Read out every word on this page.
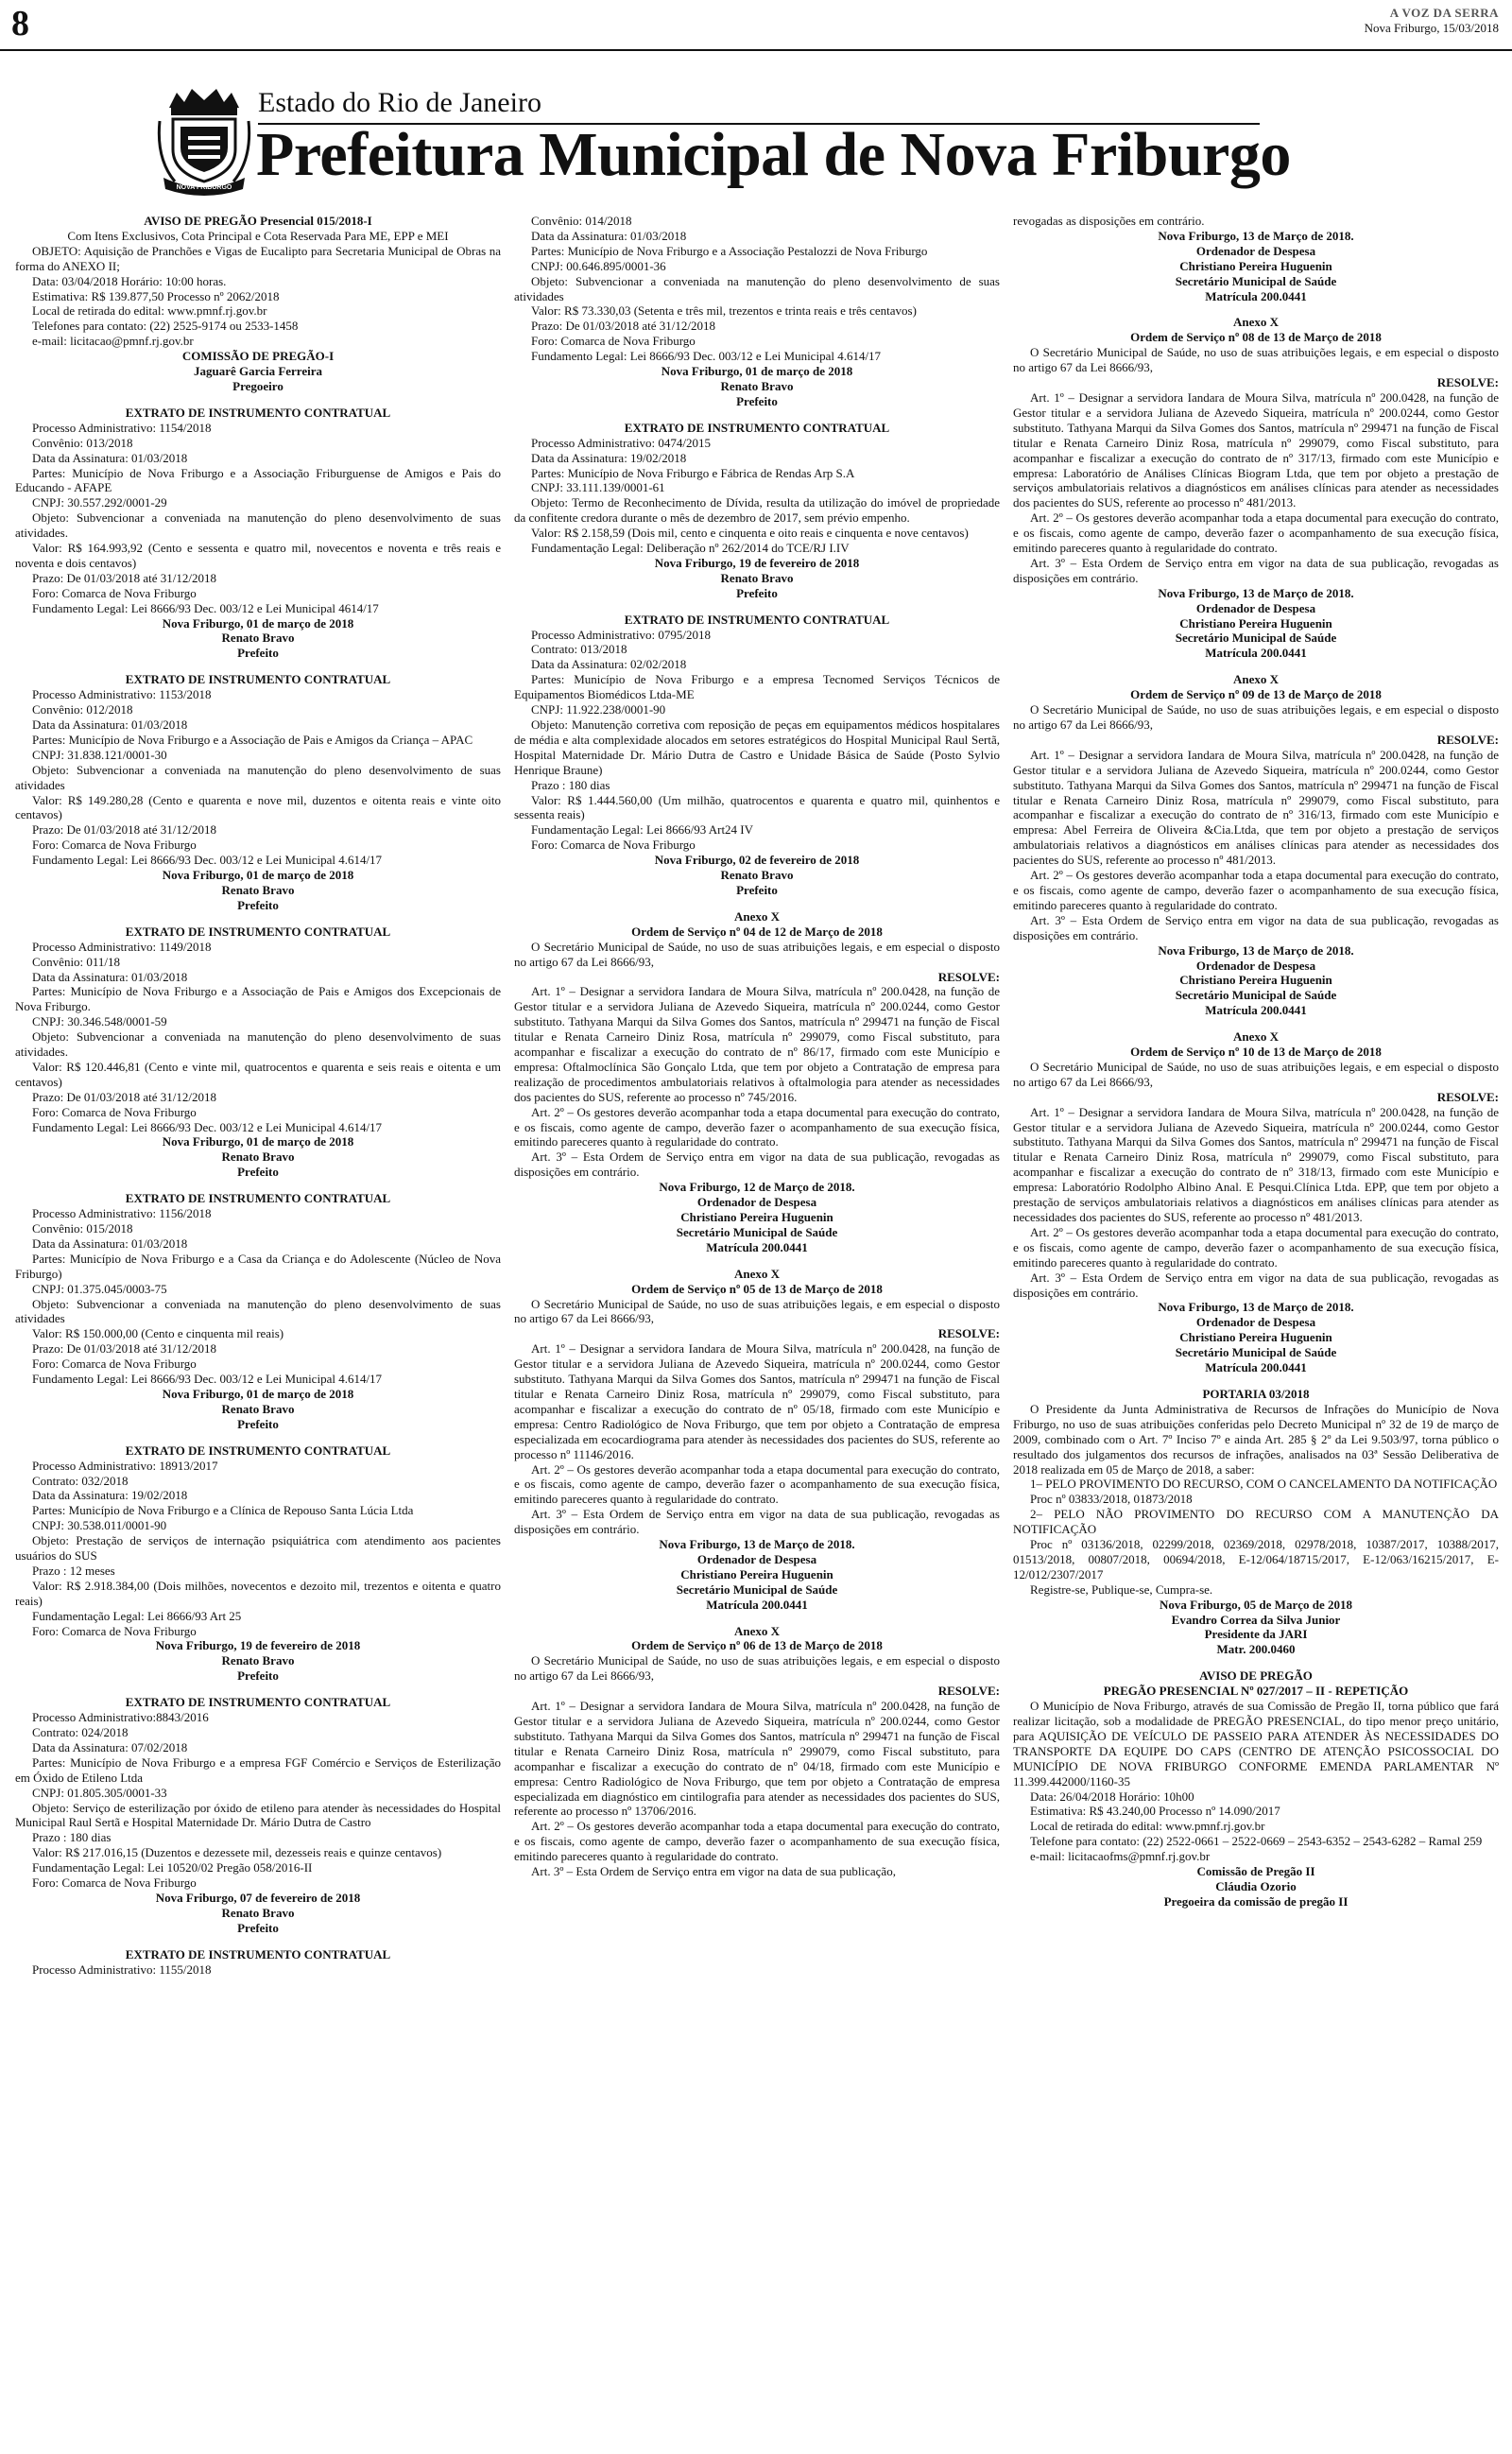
8	A VOZ DA SERRA
Nova Friburgo, 15/03/2018
NOVA FRIBURGO
Estado do Rio de Janeiro
Prefeitura Municipal de Nova Friburgo

AVISO DE PREGÃO Presencial 015/2018-I

Com Itens Exclusivos, Cota Principal e Cota Reservada Para ME, EPP e MEI

OBJETO: Aquisição de Pranchões e Vigas de Eucalipto para Secretaria Municipal de Obras na forma do ANEXO II;

Data: 03/04/2018 Horário: 10:00 horas.

Estimativa: R$ 139.877,50 Processo nº 2062/2018

Local de retirada do edital: www.pmnf.rj.gov.br

Telefones para contato: (22) 2525-9174 ou 2533-1458

e-mail: licitacao@pmnf.rj.gov.br

COMISSÃO DE PREGÃO-I

Jaguarê Garcia Ferreira

Pregoeiro

EXTRATO DE INSTRUMENTO CONTRATUAL

Processo Administrativo: 1154/2018

Convênio: 013/2018

Data da Assinatura: 01/03/2018

Partes: Município de Nova Friburgo e a Associação Friburguense de Amigos e Pais do Educando - AFAPE

CNPJ: 30.557.292/0001-29

Objeto: Subvencionar a conveniada na manutenção do pleno desenvolvimento de suas atividades.

Valor: R$ 164.993,92 (Cento e sessenta e quatro mil, novecentos e noventa e três reais e noventa e dois centavos)

Prazo: De 01/03/2018 até 31/12/2018

Foro: Comarca de Nova Friburgo

Fundamento Legal: Lei 8666/93 Dec. 003/12 e Lei Municipal 4614/17

Nova Friburgo, 01 de março de 2018

Renato Bravo

Prefeito

EXTRATO DE INSTRUMENTO CONTRATUAL

Processo Administrativo: 1153/2018

Convênio: 012/2018

Data da Assinatura: 01/03/2018

Partes: Município de Nova Friburgo e a Associação de Pais e Amigos da Criança – APAC

CNPJ: 31.838.121/0001-30

Objeto: Subvencionar a conveniada na manutenção do pleno desenvolvimento de suas atividades

Valor: R$ 149.280,28 (Cento e quarenta e nove mil, duzentos e oitenta reais e vinte oito centavos)

Prazo: De 01/03/2018 até 31/12/2018

Foro: Comarca de Nova Friburgo

Fundamento Legal: Lei 8666/93 Dec. 003/12 e Lei Municipal 4.614/17

Nova Friburgo, 01 de março de 2018

Renato Bravo

Prefeito

EXTRATO DE INSTRUMENTO CONTRATUAL

Processo Administrativo: 1149/2018

Convênio: 011/18

Data da Assinatura: 01/03/2018

Partes: Município de Nova Friburgo e a Associação de Pais e Amigos dos Excepcionais de Nova Friburgo.

CNPJ: 30.346.548/0001-59

Objeto: Subvencionar a conveniada na manutenção do pleno desenvolvimento de suas atividades.

Valor: R$ 120.446,81 (Cento e vinte mil, quatrocentos e quarenta e seis reais e oitenta e um centavos)

Prazo: De 01/03/2018 até 31/12/2018

Foro: Comarca de Nova Friburgo

Fundamento Legal: Lei 8666/93 Dec. 003/12 e Lei Municipal 4.614/17

Nova Friburgo, 01 de março de 2018

Renato Bravo

Prefeito

EXTRATO DE INSTRUMENTO CONTRATUAL

Processo Administrativo: 1156/2018

Convênio: 015/2018

Data da Assinatura: 01/03/2018

Partes: Município de Nova Friburgo e a Casa da Criança e do Adolescente (Núcleo de Nova Friburgo)

CNPJ: 01.375.045/0003-75

Objeto: Subvencionar a conveniada na manutenção do pleno desenvolvimento de suas atividades

Valor: R$ 150.000,00 (Cento e cinquenta mil reais)

Prazo: De 01/03/2018 até 31/12/2018

Foro: Comarca de Nova Friburgo

Fundamento Legal: Lei 8666/93 Dec. 003/12 e Lei Municipal 4.614/17

Nova Friburgo, 01 de março de 2018

Renato Bravo

Prefeito

EXTRATO DE INSTRUMENTO CONTRATUAL

Processo Administrativo: 18913/2017

Contrato: 032/2018

Data da Assinatura: 19/02/2018

Partes: Município de Nova Friburgo e a Clínica de Repouso Santa Lúcia Ltda

CNPJ: 30.538.011/0001-90

Objeto: Prestação de serviços de internação psiquiátrica com atendimento aos pacientes usuários do SUS

Prazo : 12 meses

Valor: R$ 2.918.384,00 (Dois milhões, novecentos e dezoito mil, trezentos e oitenta e quatro reais)

Fundamentação Legal: Lei 8666/93 Art 25

Foro: Comarca de Nova Friburgo

Nova Friburgo, 19 de fevereiro de 2018

Renato Bravo

Prefeito

EXTRATO DE INSTRUMENTO CONTRATUAL

Processo Administrativo:8843/2016

Contrato: 024/2018

Data da Assinatura: 07/02/2018

Partes: Município de Nova Friburgo e a empresa FGF Comércio e Serviços de Esterilização em Óxido de Etileno Ltda

CNPJ: 01.805.305/0001-33

Objeto: Serviço de esterilização por óxido de etileno para atender às necessidades do Hospital Municipal Raul Sertã e Hospital Maternidade Dr. Mário Dutra de Castro

Prazo : 180 dias

Valor: R$ 217.016,15 (Duzentos e dezessete mil, dezesseis reais e quinze centavos)

Fundamentação Legal: Lei 10520/02 Pregão 058/2016-II

Foro: Comarca de Nova Friburgo

Nova Friburgo, 07 de fevereiro de 2018

Renato Bravo

Prefeito

EXTRATO DE INSTRUMENTO CONTRATUAL

Processo Administrativo: 1155/2018

Convênio: 014/2018

Data da Assinatura: 01/03/2018

Partes: Município de Nova Friburgo e a Associação Pestalozzi de Nova Friburgo

CNPJ: 00.646.895/0001-36

Objeto: Subvencionar a conveniada na manutenção do pleno desenvolvimento de suas atividades

Valor: R$ 73.330,03 (Setenta e três mil, trezentos e trinta reais e três centavos)

Prazo: De 01/03/2018 até 31/12/2018

Foro: Comarca de Nova Friburgo

Fundamento Legal: Lei 8666/93 Dec. 003/12 e Lei Municipal 4.614/17

Nova Friburgo, 01 de março de 2018

Renato Bravo

Prefeito

EXTRATO DE INSTRUMENTO CONTRATUAL

Processo Administrativo: 0474/2015

Data da Assinatura: 19/02/2018

Partes: Município de Nova Friburgo e Fábrica de Rendas Arp S.A

CNPJ: 33.111.139/0001-61

Objeto: Termo de Reconhecimento de Dívida, resulta da utilização do imóvel de propriedade da confitente credora durante o mês de dezembro de 2017, sem prévio empenho.

Valor: R$ 2.158,59 (Dois mil, cento e cinquenta e oito reais e cinquenta e nove centavos)

Fundamentação Legal: Deliberação nº 262/2014 do TCE/RJ I.IV

Nova Friburgo, 19 de fevereiro de 2018

Renato Bravo

Prefeito

EXTRATO DE INSTRUMENTO CONTRATUAL

Processo Administrativo: 0795/2018

Contrato: 013/2018

Data da Assinatura: 02/02/2018

Partes: Município de Nova Friburgo e a empresa Tecnomed Serviços Técnicos de Equipamentos Biomédicos Ltda-ME

CNPJ: 11.922.238/0001-90

Objeto: Manutenção corretiva com reposição de peças em equipamentos médicos hospitalares de média e alta complexidade alocados em setores estratégicos do Hospital Municipal Raul Sertã, Hospital Maternidade Dr. Mário Dutra de Castro e Unidade Básica de Saúde (Posto Sylvio Henrique Braune)

Prazo : 180 dias

Valor: R$ 1.444.560,00 (Um milhão, quatrocentos e quarenta e quatro mil, quinhentos e sessenta reais)

Fundamentação Legal: Lei 8666/93 Art24 IV

Foro: Comarca de Nova Friburgo

Nova Friburgo, 02 de fevereiro de 2018

Renato Bravo

Prefeito

Anexo X

Ordem de Serviço nº 04 de 12 de Março de 2018

O Secretário Municipal de Saúde, no uso de suas atribuições legais, e em especial o disposto no artigo 67 da Lei 8666/93,

RESOLVE:

Art. 1º – Designar a servidora Iandara de Moura Silva, matrícula nº 200.0428, na função de Gestor titular e a servidora Juliana de Azevedo Siqueira, matrícula nº 200.0244, como Gestor substituto. Tathyana Marqui da Silva Gomes dos Santos, matrícula nº 299471 na função de Fiscal titular e Renata Carneiro Diniz Rosa, matrícula nº 299079, como Fiscal substituto, para acompanhar e fiscalizar a execução do contrato de nº 86/17, firmado com este Município e empresa: Oftalmoclínica São Gonçalo Ltda, que tem por objeto a Contratação de empresa para realização de procedimentos ambulatoriais relativos à oftalmologia para atender as necessidades dos pacientes do SUS, referente ao processo nº 745/2016.

Art. 2º – Os gestores deverão acompanhar toda a etapa documental para execução do contrato, e os fiscais, como agente de campo, deverão fazer o acompanhamento de sua execução física, emitindo pareceres quanto à regularidade do contrato.

Art. 3º – Esta Ordem de Serviço entra em vigor na data de sua publicação, revogadas as disposições em contrário.

Nova Friburgo, 12 de Março de 2018.

Ordenador de Despesa

Christiano Pereira Huguenin

Secretário Municipal de Saúde

Matrícula 200.0441

Anexo X

Ordem de Serviço nº 05 de 13 de Março de 2018

O Secretário Municipal de Saúde, no uso de suas atribuições legais, e em especial o disposto no artigo 67 da Lei 8666/93,

RESOLVE:

Art. 1º – Designar a servidora Iandara de Moura Silva, matrícula nº 200.0428, na função de Gestor titular e a servidora Juliana de Azevedo Siqueira, matrícula nº 200.0244, como Gestor substituto. Tathyana Marqui da Silva Gomes dos Santos, matrícula nº 299471 na função de Fiscal titular e Renata Carneiro Diniz Rosa, matrícula nº 299079, como Fiscal substituto, para acompanhar e fiscalizar a execução do contrato de nº 05/18, firmado com este Município e empresa: Centro Radiológico de Nova Friburgo, que tem por objeto a Contratação de empresa especializada em ecocardiograma para atender às necessidades dos pacientes do SUS, referente ao processo nº 11146/2016.

Art. 2º – Os gestores deverão acompanhar toda a etapa documental para execução do contrato, e os fiscais, como agente de campo, deverão fazer o acompanhamento de sua execução física, emitindo pareceres quanto à regularidade do contrato.

Art. 3º – Esta Ordem de Serviço entra em vigor na data de sua publicação, revogadas as disposições em contrário.

Nova Friburgo, 13 de Março de 2018.

Ordenador de Despesa

Christiano Pereira Huguenin

Secretário Municipal de Saúde

Matrícula 200.0441

Anexo X

Ordem de Serviço nº 06 de 13 de Março de 2018

O Secretário Municipal de Saúde, no uso de suas atribuições legais, e em especial o disposto no artigo 67 da Lei 8666/93,

RESOLVE:

Art. 1º – Designar a servidora Iandara de Moura Silva, matrícula nº 200.0428, na função de Gestor titular e a servidora Juliana de Azevedo Siqueira, matrícula nº 200.0244, como Gestor substituto. Tathyana Marqui da Silva Gomes dos Santos, matrícula nº 299471 na função de Fiscal titular e Renata Carneiro Diniz Rosa, matrícula nº 299079, como Fiscal substituto, para acompanhar e fiscalizar a execução do contrato de nº 04/18, firmado com este Município e empresa: Centro Radiológico de Nova Friburgo, que tem por objeto a Contratação de empresa especializada em diagnóstico em cintilografia para atender as necessidades dos pacientes do SUS, referente ao processo nº 13706/2016.

Art. 2º – Os gestores deverão acompanhar toda a etapa documental para execução do contrato, e os fiscais, como agente de campo, deverão fazer o acompanhamento de sua execução física, emitindo pareceres quanto à regularidade do contrato.

Art. 3º – Esta Ordem de Serviço entra em vigor na data de sua publicação,

revogadas as disposições em contrário.

Nova Friburgo, 13 de Março de 2018.

Ordenador de Despesa

Christiano Pereira Huguenin

Secretário Municipal de Saúde

Matrícula 200.0441

Anexo X

Ordem de Serviço nº 08 de 13 de Março de 2018

O Secretário Municipal de Saúde, no uso de suas atribuições legais, e em especial o disposto no artigo 67 da Lei 8666/93,

RESOLVE:

Art. 1º – Designar a servidora Iandara de Moura Silva, matrícula nº 200.0428, na função de Gestor titular e a servidora Juliana de Azevedo Siqueira, matrícula nº 200.0244, como Gestor substituto. Tathyana Marqui da Silva Gomes dos Santos, matrícula nº 299471 na função de Fiscal titular e Renata Carneiro Diniz Rosa, matrícula nº 299079, como Fiscal substituto, para acompanhar e fiscalizar a execução do contrato de nº 317/13, firmado com este Município e empresa: Laboratório de Análises Clínicas Biogram Ltda, que tem por objeto a prestação de serviços ambulatoriais relativos a diagnósticos em análises clínicas para atender as necessidades dos pacientes do SUS, referente ao processo nº 481/2013.

Art. 2º – Os gestores deverão acompanhar toda a etapa documental para execução do contrato, e os fiscais, como agente de campo, deverão fazer o acompanhamento de sua execução física, emitindo pareceres quanto à regularidade do contrato.

Art. 3º – Esta Ordem de Serviço entra em vigor na data de sua publicação, revogadas as disposições em contrário.

Nova Friburgo, 13 de Março de 2018.

Ordenador de Despesa

Christiano Pereira Huguenin

Secretário Municipal de Saúde

Matrícula 200.0441

Anexo X

Ordem de Serviço nº 09 de 13 de Março de 2018

O Secretário Municipal de Saúde, no uso de suas atribuições legais, e em especial o disposto no artigo 67 da Lei 8666/93,

RESOLVE:

Art. 1º – Designar a servidora Iandara de Moura Silva, matrícula nº 200.0428, na função de Gestor titular e a servidora Juliana de Azevedo Siqueira, matrícula nº 200.0244, como Gestor substituto. Tathyana Marqui da Silva Gomes dos Santos, matrícula nº 299471 na função de Fiscal titular e Renata Carneiro Diniz Rosa, matrícula nº 299079, como Fiscal substituto, para acompanhar e fiscalizar a execução do contrato de nº 316/13, firmado com este Município e empresa: Abel Ferreira de Oliveira &Cia.Ltda, que tem por objeto a prestação de serviços ambulatoriais relativos a diagnósticos em análises clínicas para atender as necessidades dos pacientes do SUS, referente ao processo nº 481/2013.

Art. 2º – Os gestores deverão acompanhar toda a etapa documental para execução do contrato, e os fiscais, como agente de campo, deverão fazer o acompanhamento de sua execução física, emitindo pareceres quanto à regularidade do contrato.

Art. 3º – Esta Ordem de Serviço entra em vigor na data de sua publicação, revogadas as disposições em contrário.

Nova Friburgo, 13 de Março de 2018.

Ordenador de Despesa

Christiano Pereira Huguenin

Secretário Municipal de Saúde

Matrícula 200.0441

Anexo X

Ordem de Serviço nº 10 de 13 de Março de 2018

O Secretário Municipal de Saúde, no uso de suas atribuições legais, e em especial o disposto no artigo 67 da Lei 8666/93,

RESOLVE:

Art. 1º – Designar a servidora Iandara de Moura Silva, matrícula nº 200.0428, na função de Gestor titular e a servidora Juliana de Azevedo Siqueira, matrícula nº 200.0244, como Gestor substituto. Tathyana Marqui da Silva Gomes dos Santos, matrícula nº 299471 na função de Fiscal titular e Renata Carneiro Diniz Rosa, matrícula nº 299079, como Fiscal substituto, para acompanhar e fiscalizar a execução do contrato de nº 318/13, firmado com este Município e empresa: Laboratório Rodolpho Albino Anal. E Pesqui.Clínica Ltda. EPP, que tem por objeto a prestação de serviços ambulatoriais relativos a diagnósticos em análises clínicas para atender as necessidades dos pacientes do SUS, referente ao processo nº 481/2013.

Art. 2º – Os gestores deverão acompanhar toda a etapa documental para execução do contrato, e os fiscais, como agente de campo, deverão fazer o acompanhamento de sua execução física, emitindo pareceres quanto à regularidade do contrato.

Art. 3º – Esta Ordem de Serviço entra em vigor na data de sua publicação, revogadas as disposições em contrário.

Nova Friburgo, 13 de Março de 2018.

Ordenador de Despesa

Christiano Pereira Huguenin

Secretário Municipal de Saúde

Matrícula 200.0441

PORTARIA 03/2018

O Presidente da Junta Administrativa de Recursos de Infrações do Município de Nova Friburgo, no uso de suas atribuições conferidas pelo Decreto Municipal nº 32 de 19 de março de 2009, combinado com o Art. 7º Inciso 7º e ainda Art. 285 § 2º da Lei 9.503/97, torna público o resultado dos julgamentos dos recursos de infrações, analisados na 03ª Sessão Deliberativa de 2018 realizada em 05 de Março de 2018, a saber:

1– PELO PROVIMENTO DO RECURSO, COM O CANCELAMENTO DA NOTIFICAÇÃO

Proc nº 03833/2018, 01873/2018

2– PELO NÃO PROVIMENTO DO RECURSO COM A MANUTENÇÃO DA NOTIFICAÇÃO

Proc nº 03136/2018, 02299/2018, 02369/2018, 02978/2018, 10387/2017, 10388/2017, 01513/2018, 00807/2018, 00694/2018, E-12/064/18715/2017, E-12/063/16215/2017, E-12/012/2307/2017

Registre-se, Publique-se, Cumpra-se.

Nova Friburgo, 05 de Março de 2018

Evandro Correa da Silva Junior

Presidente da JARI

Matr. 200.0460

AVISO DE PREGÃO

PREGÃO PRESENCIAL Nº 027/2017 – II - REPETIÇÃO

O Município de Nova Friburgo, através de sua Comissão de Pregão II, torna público que fará realizar licitação, sob a modalidade de PREGÃO PRESENCIAL, do tipo menor preço unitário, para AQUISIÇÃO DE VEÍCULO DE PASSEIO PARA ATENDER ÀS NECESSIDADES DO TRANSPORTE DA EQUIPE DO CAPS (CENTRO DE ATENÇÃO PSICOSSOCIAL DO MUNICÍPIO DE NOVA FRIBURGO CONFORME EMENDA PARLAMENTAR Nº 11.399.442000/1160-35

Data: 26/04/2018 Horário: 10h00

Estimativa: R$ 43.240,00 Processo nº 14.090/2017

Local de retirada do edital: www.pmnf.rj.gov.br

Telefone para contato: (22) 2522-0661 – 2522-0669 – 2543-6352 – 2543-6282 – Ramal 259

e-mail: licitacaofms@pmnf.rj.gov.br

Comissão de Pregão II

Cláudia Ozorio

Pregoeira da comissão de pregão II
